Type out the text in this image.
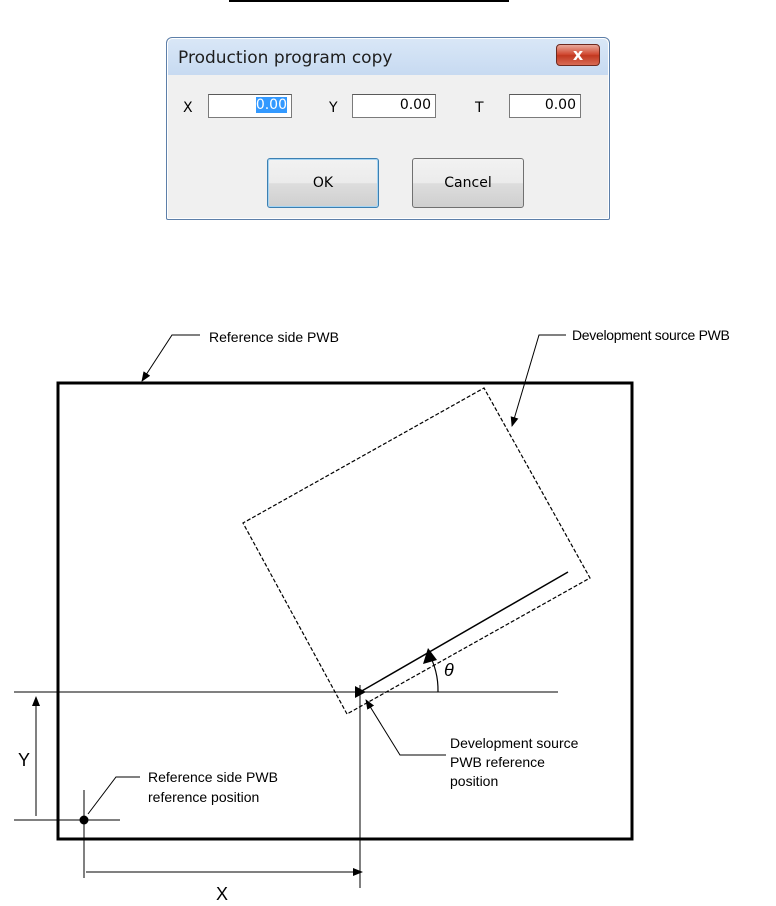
Production program copy	x
X	0.00	Y	0.00	T	0.00
OK	Cancel
Reference side PWB	Development source PWB
Development source
PWB reference
position
Reference side PWB
reference position
Y
X
θ
